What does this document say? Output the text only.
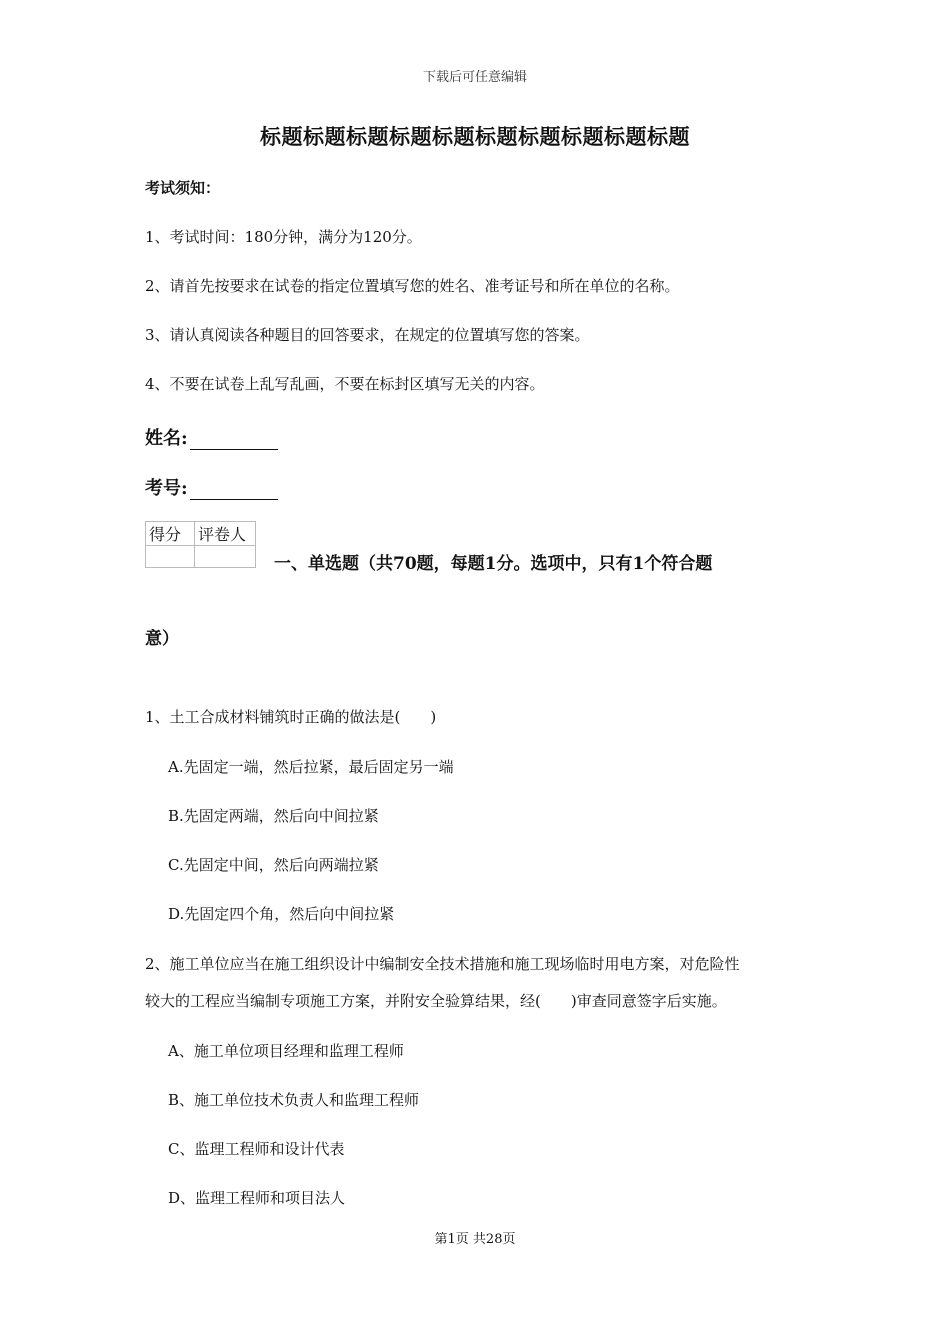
下载后可任意编辑
标题标题标题标题标题标题标题标题标题标题
考试须知：
1、考试时间：180分钟，满分为120分。
2、请首先按要求在试卷的指定位置填写您的姓名、准考证号和所在单位的名称。
3、请认真阅读各种题目的回答要求，在规定的位置填写您的答案。
4、不要在试卷上乱写乱画，不要在标封区填写无关的内容。
姓名:
考号:
得分	评卷人

一、单选题（共70题，每题1分。选项中，只有1个符合题
意）
1、土工合成材料铺筑时正确的做法是(　　)
A.先固定一端，然后拉紧，最后固定另一端
B.先固定两端，然后向中间拉紧
C.先固定中间，然后向两端拉紧
D.先固定四个角，然后向中间拉紧
2、施工单位应当在施工组织设计中编制安全技术措施和施工现场临时用电方案，对危险性
较大的工程应当编制专项施工方案，并附安全验算结果，经(　　)审查同意签字后实施。
A、施工单位项目经理和监理工程师
B、施工单位技术负责人和监理工程师
C、监理工程师和设计代表
D、监理工程师和项目法人
第1页 共28页
